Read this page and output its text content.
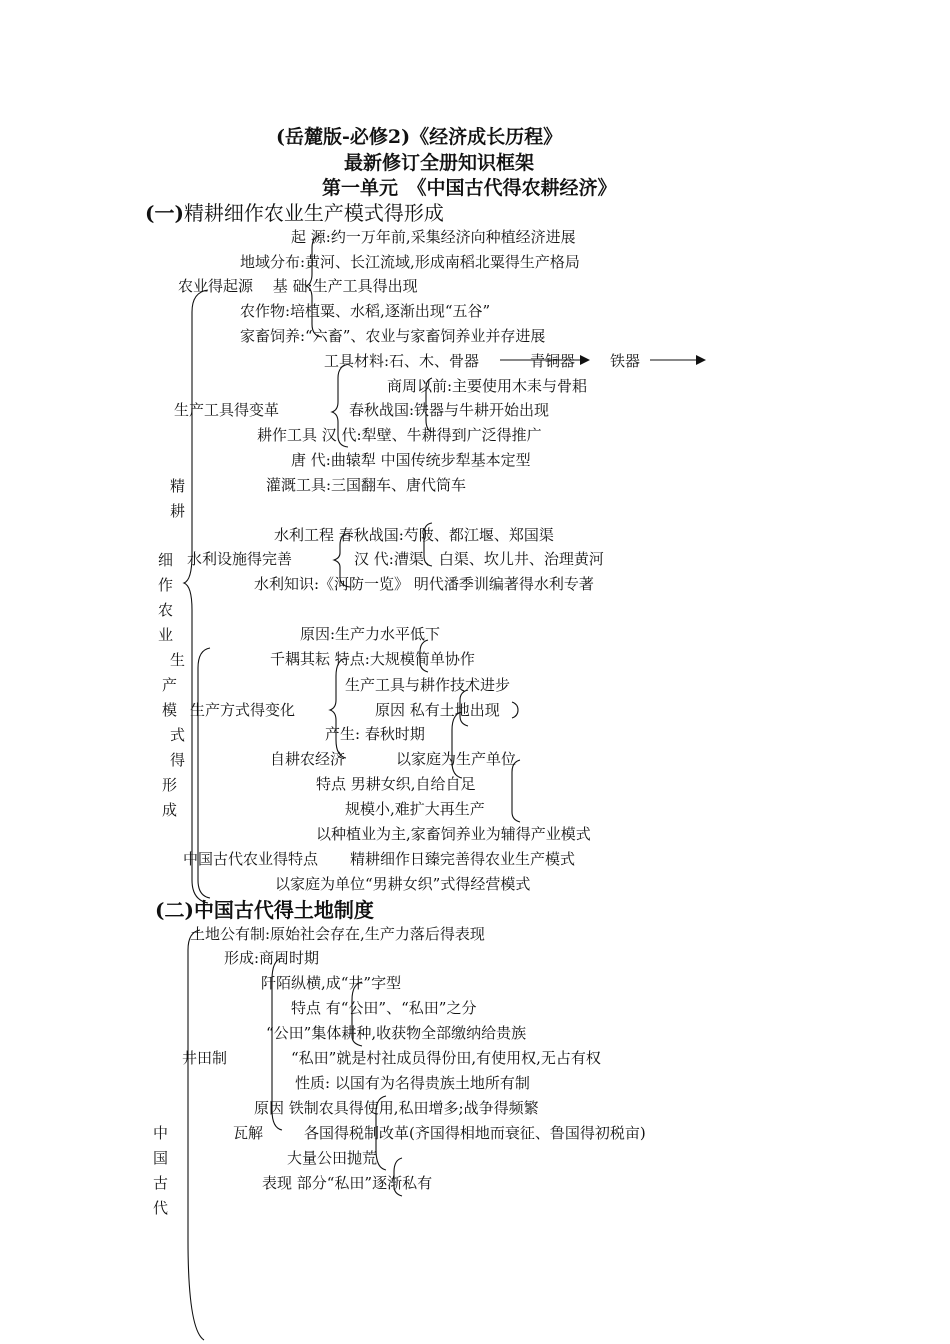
(岳麓版-必修2)《经济成长历程》
最新修订全册知识框架
第一单元　《中国古代得农耕经济》
(一)精耕细作农业生产模式得形成
起 源:约一万年前,采集经济向种植经济进展
地域分布:黄河、长江流域,形成南稻北粟得生产格局
农业得起源　 基 础:生产工具得出现
农作物:培植粟、水稻,逐渐出现“五谷”
家畜饲养:“六畜”、农业与家畜饲养业并存进展
工具材料:石、木、骨器	青铜器 铁器
商周以前:主要使用木耒与骨耜
生产工具得变革	春秋战国:铁器与牛耕开始出现
耕作工具 汉 代:犁壁、牛耕得到广泛得推广
唐 代:曲辕犁 中国传统步犁基本定型
灌溉工具:三国翻车、唐代筒车
水利工程 春秋战国:芍陂、都江堰、郑国渠
水利设施得完善	汉 代:漕渠、白渠、坎儿井、治理黄河
水利知识:《河防一览》 明代潘季训编著得水利专著
原因:生产力水平低下
千耦其耘 特点:大规模简单协作
生产工具与耕作技术进步
生产方式得变化	原因 私有土地出现
产生: 春秋时期
自耕农经济	以家庭为生产单位
特点 男耕女织,自给自足
规模小,难扩大再生产
以种植业为主,家畜饲养业为辅得产业模式
中国古代农业得特点 精耕细作日臻完善得农业生产模式
以家庭为单位“男耕女织”式得经营模式
精
耕
细
作
农
业
生
产
模
式
得
形
成
(二)中国古代得土地制度
土地公有制:原始社会存在,生产力落后得表现
形成:商周时期
阡陌纵横,成“井”字型
特点 有“公田”、“私田”之分
“公田”集体耕种,收获物全部缴纳给贵族
井田制	“私田”就是村社成员得份田,有使用权,无占有权
性质: 以国有为名得贵族土地所有制
原因 铁制农具得使用,私田增多;战争得频繁
瓦解	各国得税制改革(齐国得相地而衰征、鲁国得初税亩)
大量公田抛荒
表现 部分“私田”逐渐私有
中
国
古
代
